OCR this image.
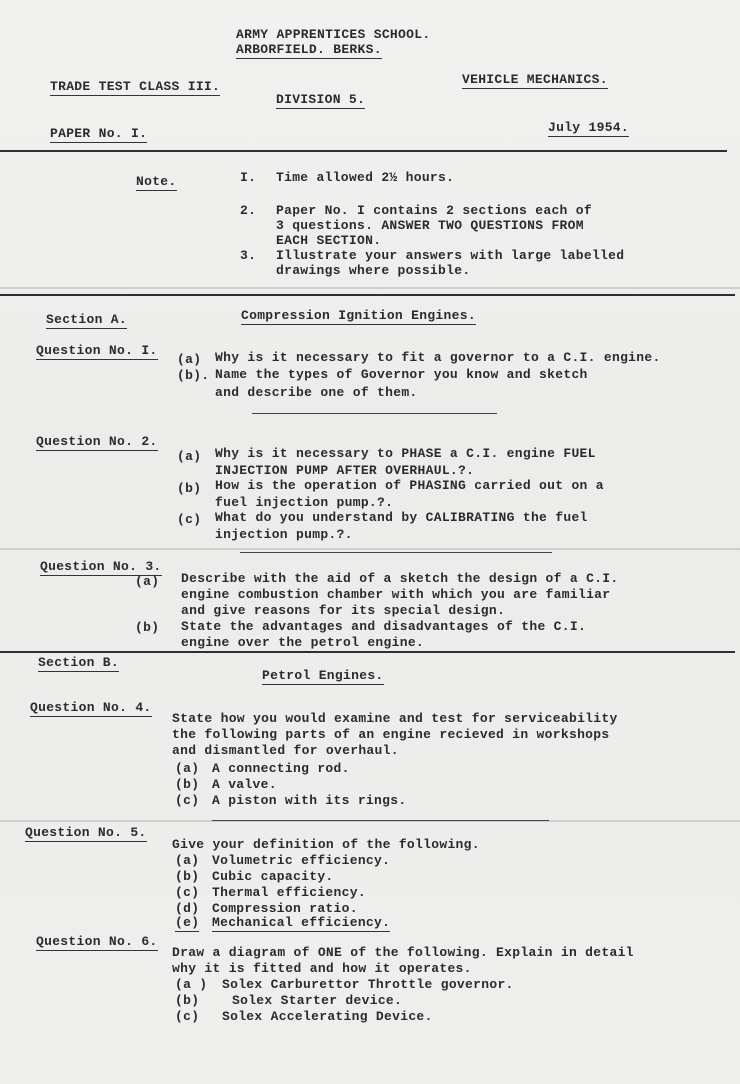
ARMY APPRENTICES SCHOOL.
ARBORFIELD. BERKS.
TRADE TEST CLASS III.	VEHICLE MECHANICS.
DIVISION 5.
PAPER No. I.	July 1954.
Note.	I. Time allowed 2½ hours.
2. Paper No. I contains 2 sections each of
3 questions. ANSWER TWO QUESTIONS FROM
EACH SECTION.
3. Illustrate your answers with large labelled
drawings where possible.
Section A.	Compression Ignition Engines.
Question No. I.
(a) Why is it necessary to fit a governor to a C.I. engine.
(b). Name the types of Governor you know and sketch
and describe one of them.
Question No. 2.
(a) Why is it necessary to PHASE a C.I. engine FUEL
INJECTION PUMP AFTER OVERHAUL.?.
(b) How is the operation of PHASING carried out on a
fuel injection pump.?.
(c) What do you understand by CALIBRATING the fuel
injection pump.?.
Question No. 3.
(a) Describe with the aid of a sketch the design of a C.I.
engine combustion chamber with which you are familiar
and give reasons for its special design.
(b) State the advantages and disadvantages of the C.I.
engine over the petrol engine.
Section B.
Petrol Engines.
Question No. 4.
State how you would examine and test for serviceability
the following parts of an engine recieved in workshops
and dismantled for overhaul.
(a) A connecting rod.
(b) A valve.
(c) A piston with its rings.
Question No. 5.
Give your definition of the following.
(a) Volumetric efficiency.
(b) Cubic capacity.
(c) Thermal efficiency.
(d) Compression ratio.
(e) Mechanical efficiency.
Question No. 6.
Draw a diagram of ONE of the following. Explain in detail
why it is fitted and how it operates.
(a ) Solex Carburettor Throttle governor.
(b)	Solex Starter device.
(c) Solex Accelerating Device.
